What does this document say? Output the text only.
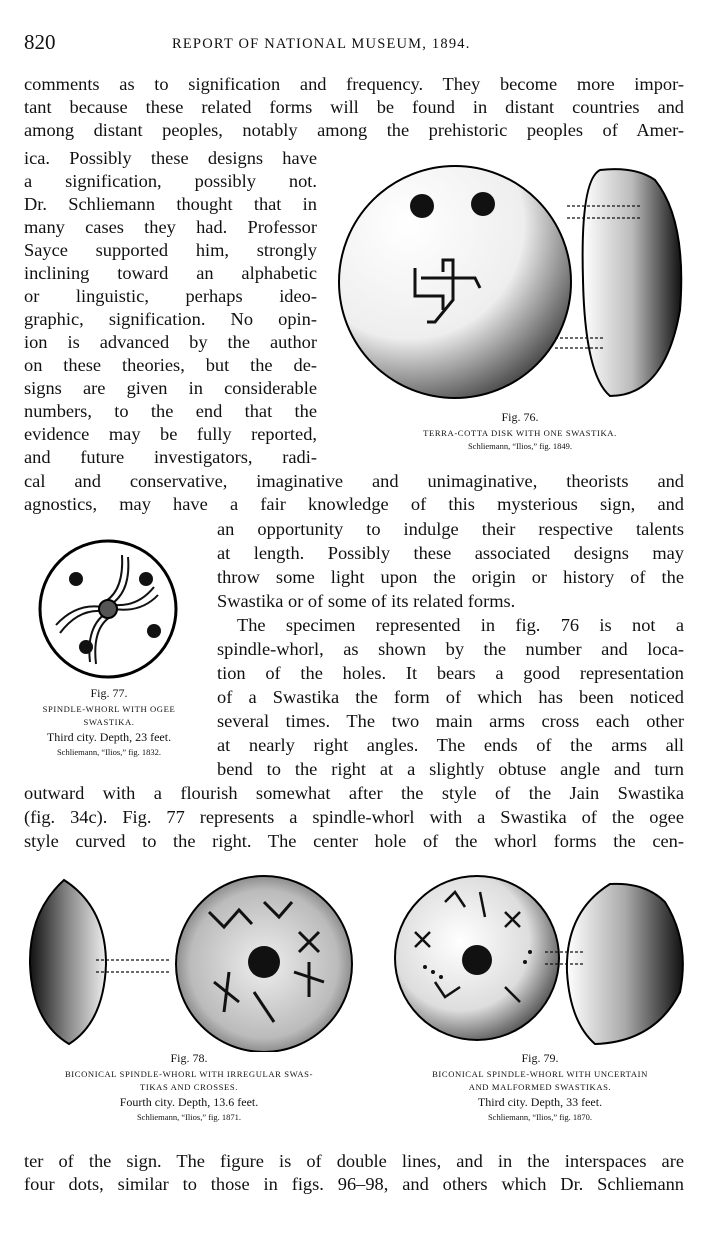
820	REPORT OF NATIONAL MUSEUM, 1894.
comments as to signification and frequency. They become more impor-
tant because these related forms will be found in distant countries and
among distant peoples, notably among the prehistoric peoples of Amer-
ica. Possibly these designs have
a signification, possibly not.
Dr. Schliemann thought that in
many cases they had. Professor
Sayce supported him, strongly
inclining toward an alphabetic
or linguistic, perhaps ideo-
graphic, signification. No opin-
ion is advanced by the author
on these theories, but the de-
signs are given in considerable
numbers, to the end that the
evidence may be fully reported,
and future investigators, radi-
cal and conservative, imaginative and unimaginative, theorists and
agnostics, may have a fair knowledge of this mysterious sign, and
an opportunity to indulge their respective talents
at length. Possibly these associated designs may
throw some light upon the origin or history of the
Swastika or of some of its related forms.
The specimen represented in fig. 76 is not a
spindle-whorl, as shown by the number and loca-
tion of the holes. It bears a good representation
of a Swastika the form of which has been noticed
several times. The two main arms cross each other
at nearly right angles. The ends of the arms all
bend to the right at a slightly obtuse angle and turn
outward with a flourish somewhat after the style of the Jain Swastika
(fig. 34c). Fig. 77 represents a spindle-whorl with a Swastika of the ogee
style curved to the right. The center hole of the whorl forms the cen-
ter of the sign. The figure is of double lines, and in the interspaces are
four dots, similar to those in figs. 96–98, and others which Dr. Schliemann
Fig. 76.
TERRA-COTTA DISK WITH ONE SWASTIKA.
Schliemann, “Ilios,” fig. 1849.
Fig. 77.
SPINDLE-WHORL WITH OGEE
SWASTIKA.
Third city. Depth, 23 feet.
Schliemann, “Ilios,” fig. 1832.
Fig. 78.
BICONICAL SPINDLE-WHORL WITH IRREGULAR SWAS-
TIKAS AND CROSSES.
Fourth city. Depth, 13.6 feet.
Schliemann, “Ilios,” fig. 1871.
Fig. 79.
BICONICAL SPINDLE-WHORL WITH UNCERTAIN
AND MALFORMED SWASTIKAS.
Third city. Depth, 33 feet.
Schliemann, “Ilios,” fig. 1870.
